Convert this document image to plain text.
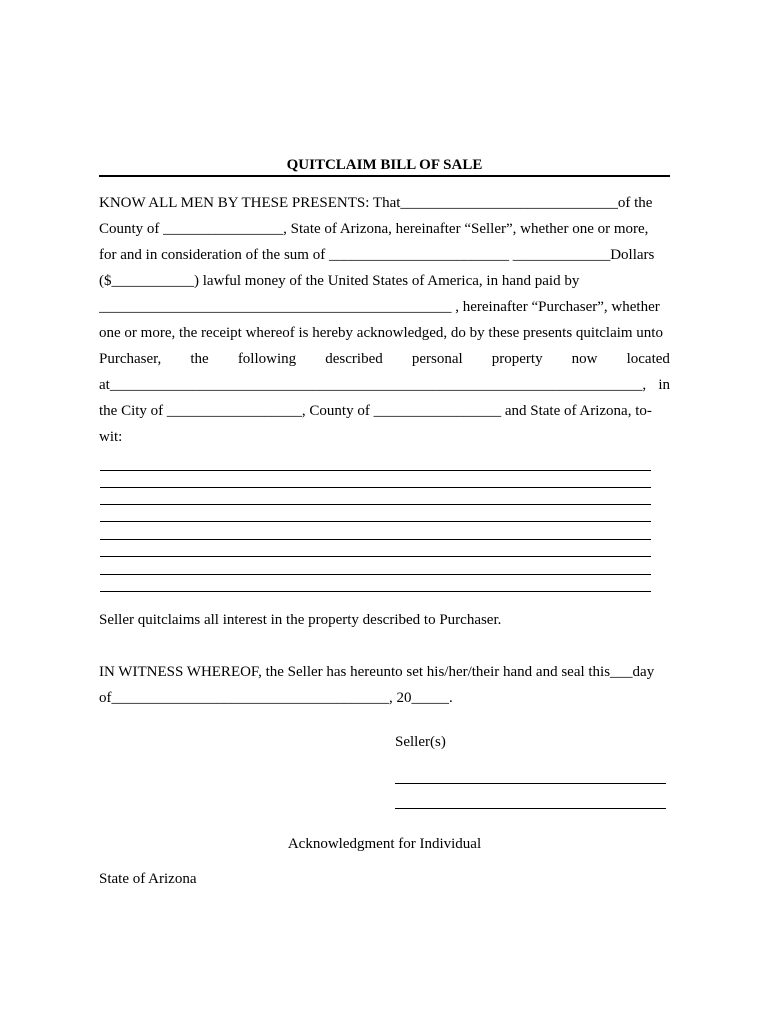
QUITCLAIM BILL OF SALE
KNOW ALL MEN BY THESE PRESENTS: That_____________________________of the
County of ________________, State of Arizona, hereinafter “Seller”, whether one or more,
for and in consideration of the sum of ________________________ _____________Dollars
($___________) lawful money of the United States of America, in hand paid by
_______________________________________________ , hereinafter “Purchaser”, whether
one or more, the receipt whereof is hereby acknowledged, do by these presents quitclaim unto
Purchaser, the following described personal property now located
at_______________________________________________________________________, in
the City of __________________, County of _________________ and State of Arizona, to-
wit:
Seller quitclaims all interest in the property described to Purchaser.
IN WITNESS WHEREOF, the Seller has hereunto set his/her/their hand and seal this___day
of_____________________________________, 20_____.
Seller(s)
Acknowledgment for Individual
State of Arizona
